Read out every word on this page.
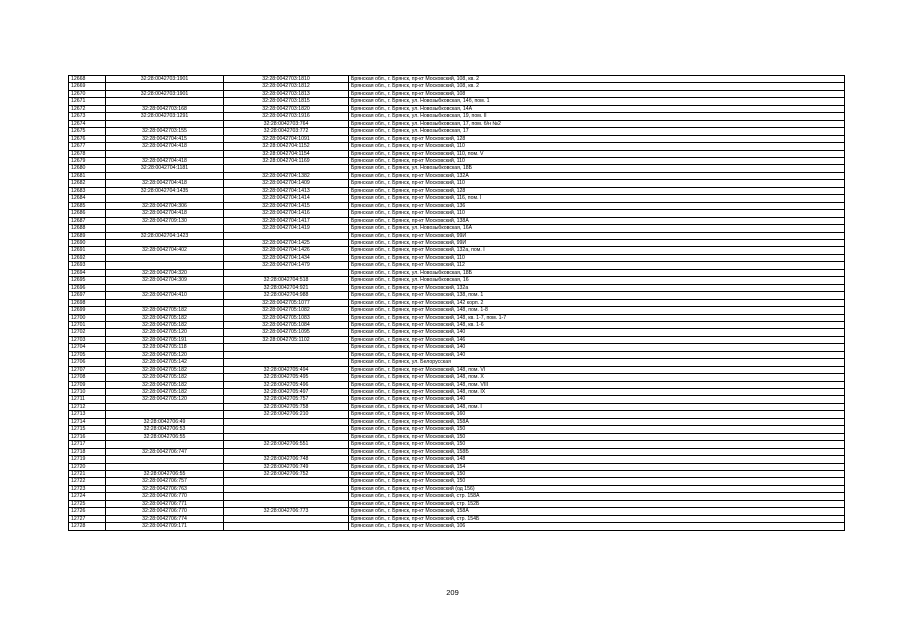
12668	32:28:0042703:1901	32:28:0042703:1810	Брянская обл., г. Брянск, пр-кт Московский, 108, кв. 2
12669		32:28:0042703:1812	Брянская обл., г. Брянск, пр-кт Московский, 108, кв. 2
12670	32:28:0042703:1901	32:28:0042703:1813	Брянская обл., г. Брянск, пр-кт Московский, 108
12671		32:28:0042703:1815	Брянская обл., г. Брянск, ул. Новозыбковская, 14б, пом. 1
12672	32:28:0042703:168	32:28:0042703:1820	Брянская обл., г. Брянск, ул. Новозыбковская, 14А
12673	32:28:0042703:1291	32:28:0042703:1916	Брянская обл., г. Брянск, ул. Новозыбковская, 19, пом. II
12674		32:28:0042703:764	Брянская обл., г. Брянск, ул. Новозыбковская, 17, пом. б/н №2
12675	32:28:0042703:155	32:28:0042703:772	Брянская обл., г. Брянск, ул. Новозыбковская, 17
12676	32:28:0042704:415	32:28:0042704:1091	Брянская обл., г. Брянск, пр-кт Московский, 128
12677	32:28:0042704:418	32:28:0042704:1152	Брянская обл., г. Брянск, пр-кт Московский, 110
12678		32:28:0042704:1154	Брянская обл., г. Брянск, пр-кт Московский, 110, пом. V
12679	32:28:0042704:418	32:28:0042704:1169	Брянская обл., г. Брянск, пр-кт Московский, 110
12680	32:28:0042704:1181		Брянская обл., г. Брянск, ул. Новозыбковская, 18Б
12681		32:28:0042704:1382	Брянская обл., г. Брянск, пр-кт Московский, 132А
12682	32:28:0042704:418	32:28:0042704:1409	Брянская обл., г. Брянск, пр-кт Московский, 110
12683	32:28:0042704:1435	32:28:0042704:1413	Брянская обл., г. Брянск, пр-кт Московский, 128
12684		32:28:0042704:1414	Брянская обл., г. Брянск, пр-кт Московский, 116, пом. I
12685	32:28:0042704:306	32:28:0042704:1415	Брянская обл., г. Брянск, пр-кт Московский, 136
12686	32:28:0042704:418	32:28:0042704:1416	Брянская обл., г. Брянск, пр-кт Московский, 110
12687	32:28:0042709:130	32:28:0042704:1417	Брянская обл., г. Брянск, пр-кт Московский, 138А
12688		32:28:0042704:1419	Брянская обл., г. Брянск, ул. Новозыбковская, 16А
12689	32:28:0042704:1423		Брянская обл., г. Брянск, пр-кт Московский, 99И
12690		32:28:0042704:1425	Брянская обл., г. Брянск, пр-кт Московский, 99И
12691	32:28:0042704:402	32:28:0042704:1426	Брянская обл., г. Брянск, пр-кт Московский, 132а, пом. I
12692		32:28:0042704:1434	Брянская обл., г. Брянск, пр-кт Московский, 110
12693		32:28:0042704:1479	Брянская обл., г. Брянск, пр-кт Московский, 112
12694	32:28:0042704:320		Брянская обл., г. Брянск, ул. Новозыбковская, 18Б
12695	32:28:0042704:309	32:28:0042704:518	Брянская обл., г. Брянск, ул. Новозыбковская, 16
12696		32:28:0042704:921	Брянская обл., г. Брянск, пр-кт Московский, 132а
12697	32:28:0042704:410	32:28:0042704:988	Брянская обл., г. Брянск, пр-кт Московский, 138, пом. 1
12698		32:28:0042705:1077	Брянская обл., г. Брянск, пр-кт Московский, 142 корп. 2
12699	32:28:0042705:182	32:28:0042705:1082	Брянская обл., г. Брянск, пр-кт Московский, 148, пом. 1-8
12700	32:28:0042705:182	32:28:0042705:1083	Брянская обл., г. Брянск, пр-кт Московский, 148, кв. 1-7, пом. 1-7
12701	32:28:0042705:182	32:28:0042705:1084	Брянская обл., г. Брянск, пр-кт Московский, 148, кв. 1-6
12702	32:28:0042705:120	32:28:0042705:1095	Брянская обл., г. Брянск, пр-кт Московский, 140
12703	32:28:0042705:191	32:28:0042705:1102	Брянская обл., г. Брянск, пр-кт Московский, 146
12704	32:28:0042705:118		Брянская обл., г. Брянск, пр-кт Московский, 140
12705	32:28:0042705:120		Брянская обл., г. Брянск, пр-кт Московский, 140
12706	32:28:0042705:142		Брянская обл., г. Брянск, ул. Белорусская
12707	32:28:0042705:182	32:28:0042705:494	Брянская обл., г. Брянск, пр-кт Московский, 148, пом. VI
12708	32:28:0042705:182	32:28:0042705:495	Брянская обл., г. Брянск, пр-кт Московский, 148, пом. X
12709	32:28:0042705:182	32:28:0042705:496	Брянская обл., г. Брянск, пр-кт Московский, 148, пом. VIII
12710	32:28:0042705:182	32:28:0042705:497	Брянская обл., г. Брянск, пр-кт Московский, 148, пом. IX
12711	32:28:0042705:120	32:28:0042705:757	Брянская обл., г. Брянск, пр-кт Московский, 140
12712		32:28:0042705:758	Брянская обл., г. Брянск, пр-кт Московский, 148, пом. I
12713		32:28:0042706:210	Брянская обл., г. Брянск, пр-кт Московский, 160
12714	32:28:0042706:49		Брянская обл., г. Брянск, пр-кт Московский, 158А
12715	32:28:0042706:53		Брянская обл., г. Брянск, пр-кт Московский, 150
12716	32:28:0042706:55		Брянская обл., г. Брянск, пр-кт Московский, 150
12717		32:28:0042706:551	Брянская обл., г. Брянск, пр-кт Московский, 150
12718	32:28:0042706:747		Брянская обл., г. Брянск, пр-кт Московский, 158Б
12719		32:28:0042706:748	Брянская обл., г. Брянск, пр-кт Московский, 148
12720		32:28:0042706:749	Брянская обл., г. Брянск, пр-кт Московский, 154
12721	32:28:0042706:55	32:28:0042706:752	Брянская обл., г. Брянск, пр-кт Московский, 150
12722	32:28:0042706:757		Брянская обл., г. Брянск, пр-кт Московский, 150
12723	32:28:0042706:763		Брянская обл., г. Брянск, пр-кт Московский (од 156)
12724	32:28:0042706:770		Брянская обл., г. Брянск, пр-кт Московский, стр. 158А
12725	32:28:0042706:771		Брянская обл., г. Брянск, пр-кт Московский, стр. 152Б
12726	32:28:0042706:770	32:28:0042706:773	Брянская обл., г. Брянск, пр-кт Московский, 158А
12727	32:28:0042706:774		Брянская обл., г. Брянск, пр-кт Московский, стр. 154Б
12728	32:28:0042709:171		Брянская обл., г. Брянск, пр-кт Московский, 106
209
